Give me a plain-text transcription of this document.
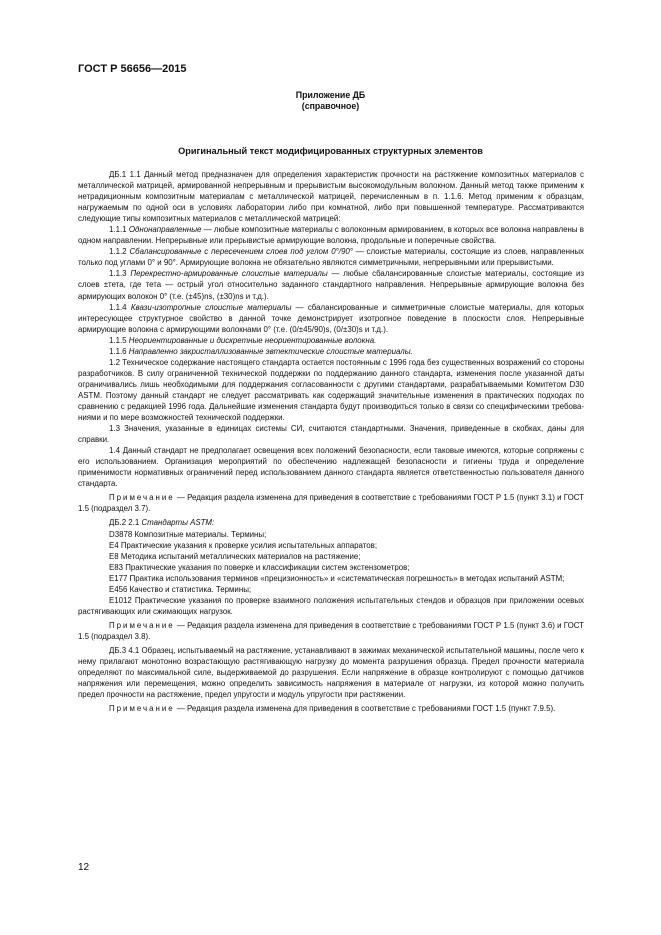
ГОСТ Р 56656—2015
Приложение ДБ
(справочное)
Оригинальный текст модифицированных структурных элементов

ДБ.1 1.1 Данный метод предназначен для определения характеристик прочности на растяжение композитных материалов с металлической матрицей, армированной непрерывным и прерывистым высокомодульным волокном. Данный метод также применим к нетрадиционным композитным материалам с металлической матрицей, перечисленным в п. 1.1.6. Метод применим к образцам, нагружаемым по одной оси в условиях лаборатории либо при комнатной, либо при повышенной температуре. Рассматриваются следующие типы композитных материалов с металлической матрицей:

1.1.1 Однонаправленные — любые композитные материалы с волоконным армированием, в которых все волокна направлены в одном направлении. Непрерывные или прерывистые армирующие волокна, продольные и поперечные свойства.

1.1.2 Сбалансированные с пересечением слоев под углом 0°/90° — слоистые материалы, состоящие из слоев, направленных только под углами 0° и 90°. Армирующие волокна не обязательно являются симметричными, непрерывными или прерывистыми.

1.1.3 Перекрестно-армированные слоистые материалы — любые сбалансированные слоистые материалы, состоящие из слоев ±тета, где тета — острый угол относительно заданного стандартного направления. Непрерывные армирующие волокна без армирующих волокон 0° (т.е. (±45)ns, (±30)ns и т.д.).

1.1.4 Квази-изотропные слоистые материалы — сбалансированные и симметричные слоистые материалы, для которых интересующее структурное свойство в данной точке демонстрирует изотропное поведение в плоскости слоя. Непрерывные армирующие волокна с армирующими волокнами 0° (т.е. (0/±45/90)s, (0/±30)s и т.д.).

1.1.5 Неориентированные и дискретные неориентированные волокна.

1.1.6 Направленно закристаллизованные эвтектические слоистые материалы.

1.2 Техническое содержание настоящего стандарта остается постоянным с 1996 года без существенных возражений со стороны разработчиков. В силу ограниченной технической поддержки по поддержанию данного стандарта, изменения после указанной даты ограничивались лишь необходимыми для поддержания согласованности с другими стандартами, разрабатываемыми Комитетом D30 ASTM. Поэтому данный стандарт не следует рассматривать как содержащий значительные изменения в практических подходах по сравнению с редакцией 1996 года. Дальнейшие изменения стандарта будут производиться только в связи со специфическими требованиями и по мере возможностей технической поддержки.

1.3 Значения, указанные в единицах системы СИ, считаются стандартными. Значения, приведенные в скобках, даны для справки.

1.4 Данный стандарт не предполагает освещения всех положений безопасности, если таковые имеются, которые сопряжены с его использованием. Организация мероприятий по обеспечению надлежащей безопасности и гигиены труда и определение применимости нормативных ограничений перед использованием данного стандарта является ответственностью пользователя данного стандарта.

Примечание — Редакция раздела изменена для приведения в соответствие с требованиями ГОСТ Р 1.5 (пункт 3.1) и ГОСТ 1.5 (подраздел 3.7).

ДБ.2 2.1 Стандарты ASTM:

D3878 Композитные материалы. Термины;

E4 Практические указания к проверке усилия испытательных аппаратов;

E8 Методика испытаний металлических материалов на растяжение;

E83 Практические указания по поверке и классификации систем экстензометров;

E177 Практика использования терминов «прецизионность» и «систематическая погрешность» в методах испытаний ASTM;

E456 Качество и статистика. Термины;

E1012 Практические указания по проверке взаимного положения испытательных стендов и образцов при приложении осевых растягивающих или сжимающих нагрузок.

Примечание — Редакция раздела изменена для приведения в соответствие с требованиями ГОСТ Р 1.5 (пункт 3.6) и ГОСТ 1.5 (подраздел 3.8).

ДБ.3 4.1 Образец, испытываемый на растяжение, устанавливают в зажимах механической испытательной машины, после чего к нему прилагают монотонно возрастающую растягивающую нагрузку до момента разрушения образца. Предел прочности материала определяют по максимальной силе, выдерживаемой до разрушения. Если напряжение в образце контролируют с помощью датчиков напряжения или перемещения, можно определить зависимость напряжения в материале от нагрузки, из которой можно получить предел прочности на растяжение, предел упругости и модуль упругости при растяжении.

Примечание — Редакция раздела изменена для приведения в соответствие с требованиями ГОСТ 1.5 (пункт 7.9.5).

12
